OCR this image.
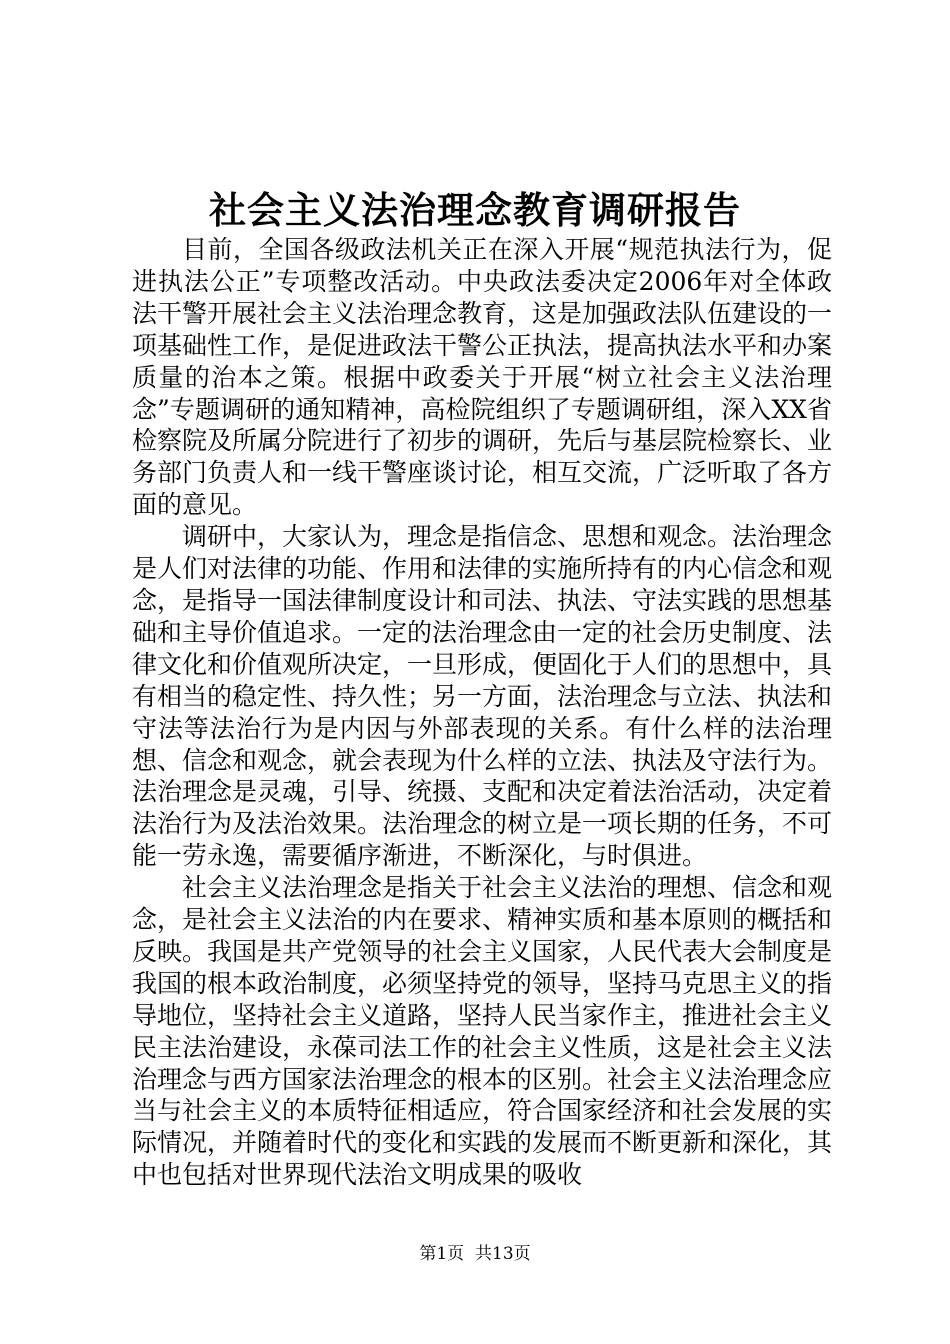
社会主义法治理念教育调研报告

目前，全国各级政法机关正在深入开展“规范执法行为，促进执法公正”专项整改活动。中央政法委决定2006年对全体政法干警开展社会主义法治理念教育，这是加强政法队伍建设的一项基础性工作，是促进政法干警公正执法，提高执法水平和办案质量的治本之策。根据中政委关于开展“树立社会主义法治理念”专题调研的通知精神，高检院组织了专题调研组，深入XX省检察院及所属分院进行了初步的调研，先后与基层院检察长、业务部门负责人和一线干警座谈讨论，相互交流，广泛听取了各方面的意见。

调研中，大家认为，理念是指信念、思想和观念。法治理念是人们对法律的功能、作用和法律的实施所持有的内心信念和观念，是指导一国法律制度设计和司法、执法、守法实践的思想基础和主导价值追求。一定的法治理念由一定的社会历史制度、法律文化和价值观所决定，一旦形成，便固化于人们的思想中，具有相当的稳定性、持久性；另一方面，法治理念与立法、执法和守法等法治行为是内因与外部表现的关系。有什么样的法治理想、信念和观念，就会表现为什么样的立法、执法及守法行为。法治理念是灵魂，引导、统摄、支配和决定着法治活动，决定着法治行为及法治效果。法治理念的树立是一项长期的任务，不可能一劳永逸，需要循序渐进，不断深化，与时俱进。

社会主义法治理念是指关于社会主义法治的理想、信念和观念，是社会主义法治的内在要求、精神实质和基本原则的概括和反映。我国是共产党领导的社会主义国家，人民代表大会制度是我国的根本政治制度，必须坚持党的领导，坚持马克思主义的指导地位，坚持社会主义道路，坚持人民当家作主，推进社会主义民主法治建设，永葆司法工作的社会主义性质，这是社会主义法治理念与西方国家法治理念的根本的区别。社会主义法治理念应当与社会主义的本质特征相适应，符合国家经济和社会发展的实际情况，并随着时代的变化和实践的发展而不断更新和深化，其中也包括对世界现代法治文明成果的吸收

第1页 共13页
